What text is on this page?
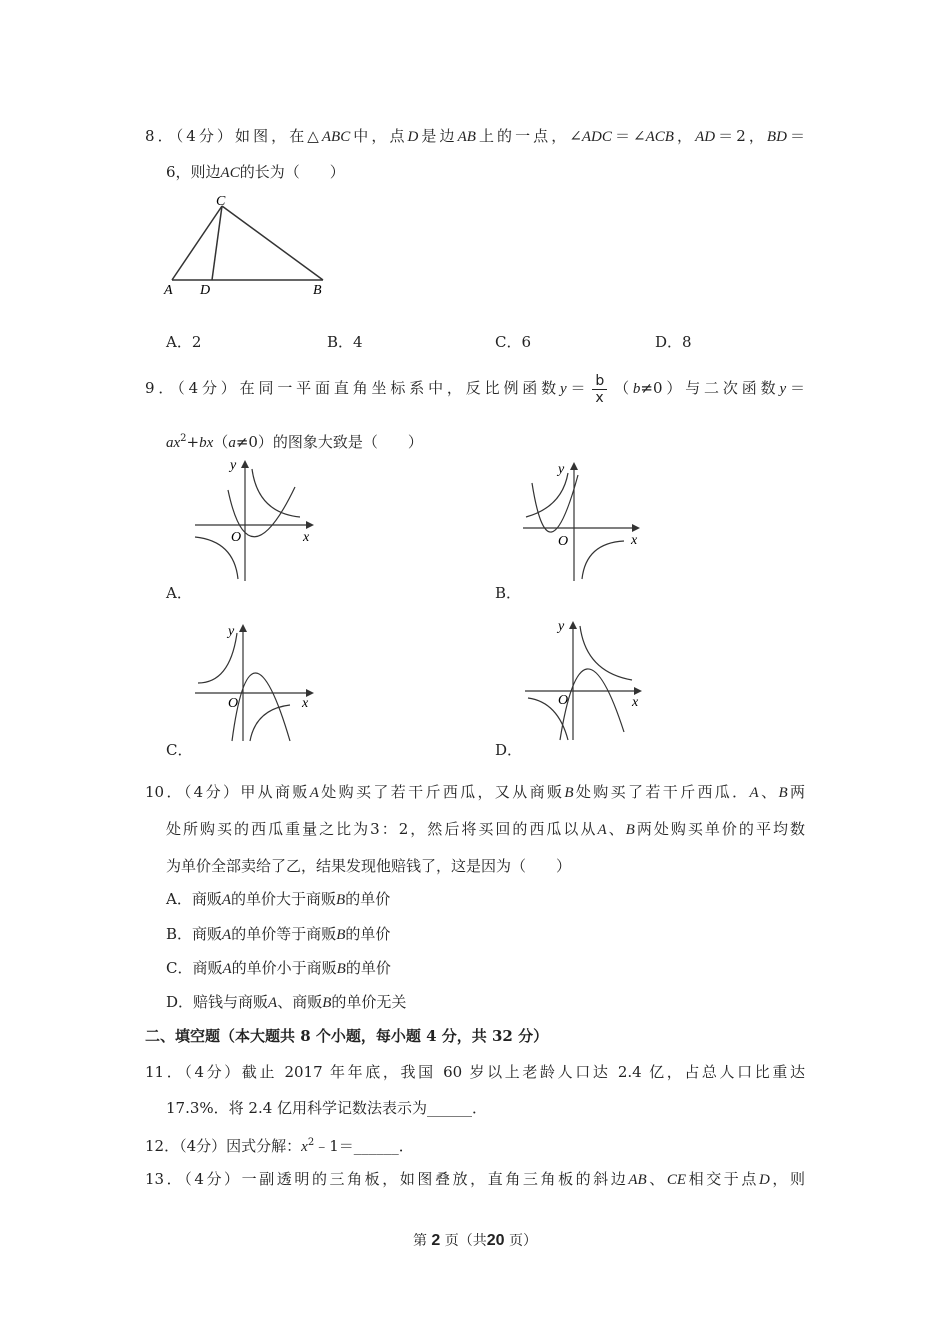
8．（4分）如图，在△ABC中，点D是边AB上的一点，∠ADC＝∠ACB，AD＝2，BD＝
6，则边AC的长为（　　）
C
A D	B
A．2	B．4	C．6	D．8
9．（4分）在同一平面直角坐标系中，反比例函数$y= \frac{b}{x} (b\ne 0)$与二次函数y＝
$ax^2+bx(a\ne 0)$的图象大致是（　　）
y
x
O
A．
y
x
O
B．
y
x
O
C．
y
x
O
D．
10．（4分）甲从商贩A处购买了若干斤西瓜，又从商贩B处购买了若干斤西瓜．A、B两
处所购买的西瓜重量之比为3：2，然后将买回的西瓜以从A、B两处购买单价的平均数
为单价全部卖给了乙，结果发现他赔钱了，这是因为（　　）
A．商贩A的单价大于商贩B的单价
B．商贩A的单价等于商贩B的单价
C．商贩A的单价小于商贩B的单价
D．赔钱与商贩A、商贩B的单价无关
二、填空题（本大题共 8 个小题，每小题 4 分，共 32 分）
11．（4分）截止 2017 年年底，我国 60 岁以上老龄人口达 2.4 亿，占总人口比重达
17.3%．将 2.4 亿用科学记数法表示为______．
12．（4分）因式分解：$x^2﹣1=\_\_\_\_\_\_$．
13．（4分）一副透明的三角板，如图叠放，直角三角板的斜边AB、CE相交于点D，则
第 2 页（共20 页）
